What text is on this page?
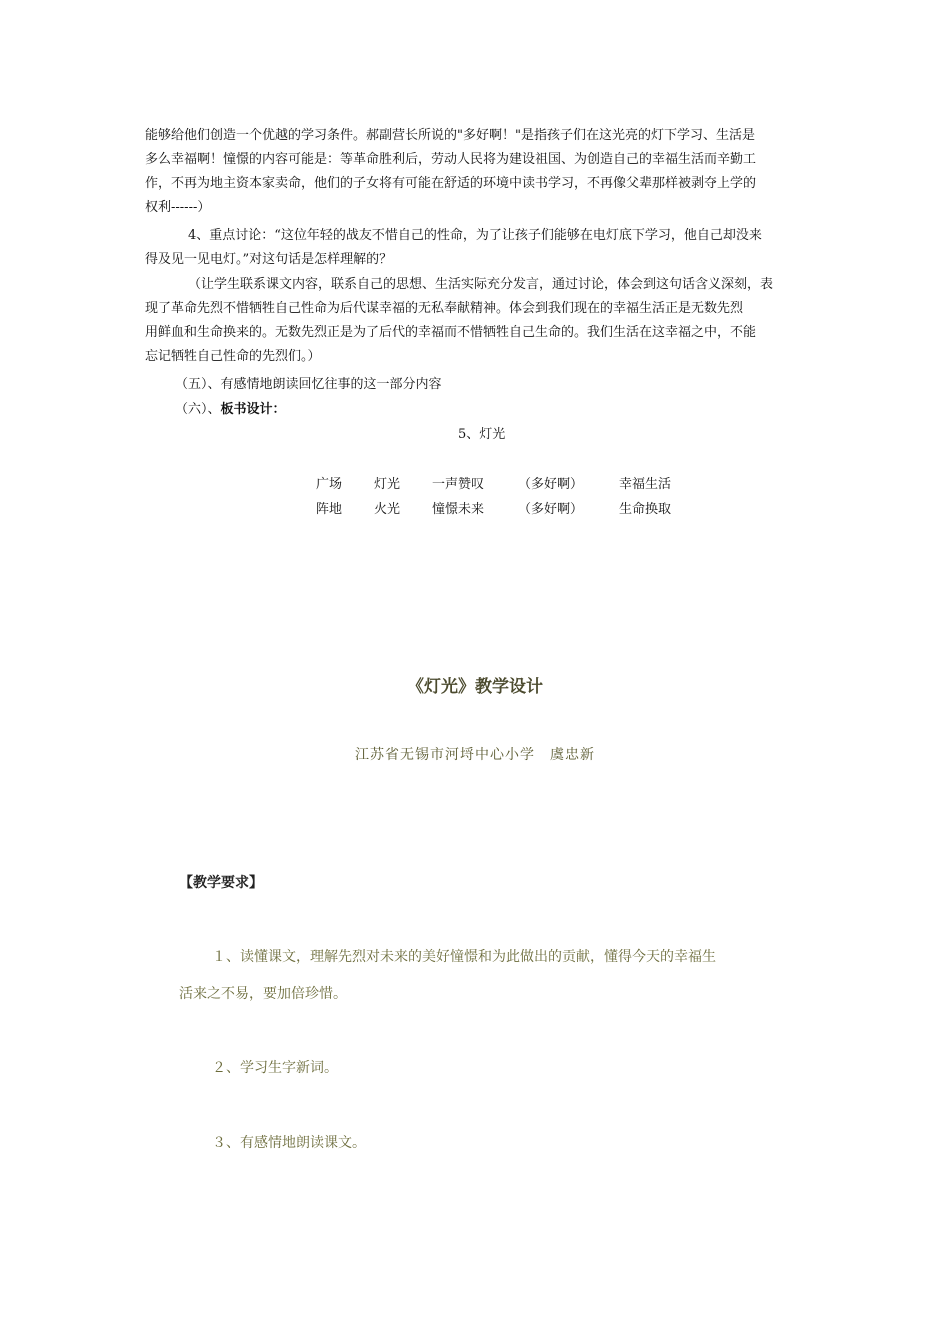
能够给他们创造一个优越的学习条件。郝副营长所说的"多好啊！"是指孩子们在这光亮的灯下学习、生活是
多么幸福啊！憧憬的内容可能是：等革命胜利后，劳动人民将为建设祖国、为创造自己的幸福生活而辛勤工
作，不再为地主资本家卖命，他们的子女将有可能在舒适的环境中读书学习，不再像父辈那样被剥夺上学的
权利------）
4、重点讨论：“这位年轻的战友不惜自己的性命，为了让孩子们能够在电灯底下学习，他自己却没来
得及见一见电灯。”对这句话是怎样理解的？
（让学生联系课文内容，联系自己的思想、生活实际充分发言，通过讨论，体会到这句话含义深刻，表
现了革命先烈不惜牺牲自己性命为后代谋幸福的无私奉献精神。体会到我们现在的幸福生活正是无数先烈
用鲜血和生命换来的。无数先烈正是为了后代的幸福而不惜牺牲自己生命的。我们生活在这幸福之中，不能
忘记牺牲自己性命的先烈们。）
（五）、有感情地朗读回忆往事的这一部分内容
（六）、板书设计：
5、灯光
广场 灯光 一声赞叹	（多好啊）	幸福生活
阵地 火光 憧憬未来	（多好啊）	生命换取
《灯光》教学设计
江苏省无锡市河埒中心小学　虞忠新
【教学要求】
１、读懂课文，理解先烈对未来的美好憧憬和为此做出的贡献，懂得今天的幸福生
活来之不易，要加倍珍惜。
２、学习生字新词。
３、有感情地朗读课文。
